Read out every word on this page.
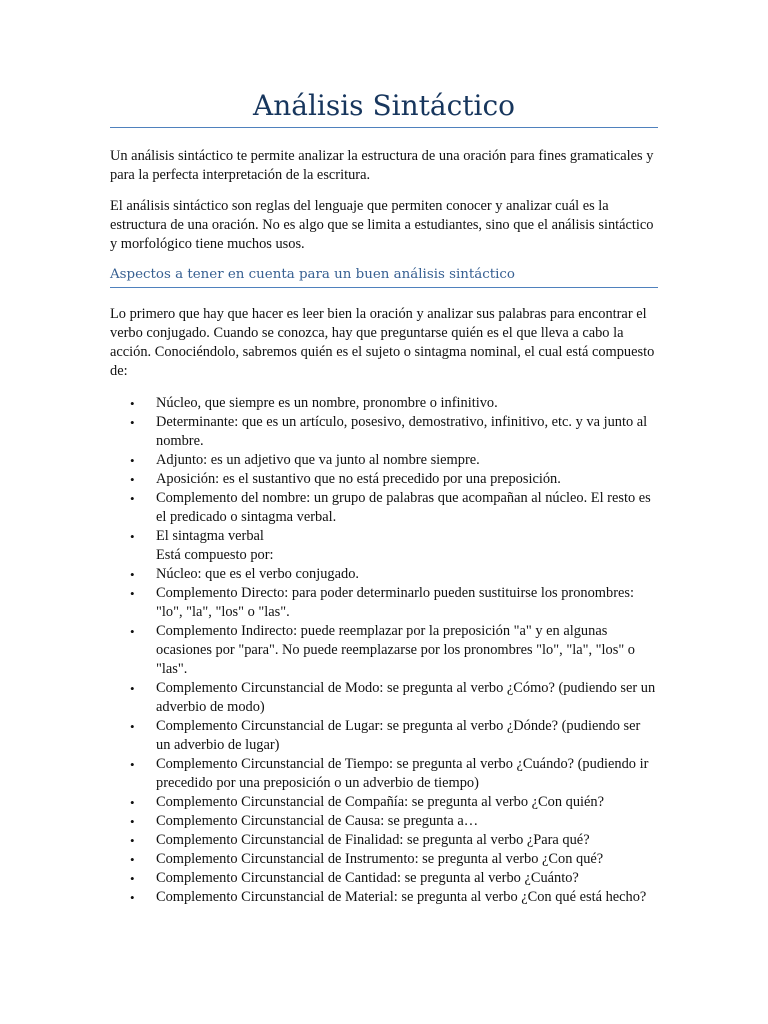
Análisis Sintáctico

Un análisis sintáctico te permite analizar la estructura de una oración para fines gramaticales y para la perfecta interpretación de la escritura.

El análisis sintáctico son reglas del lenguaje que permiten conocer y analizar cuál es la estructura de una oración. No es algo que se limita a estudiantes, sino que el análisis sintáctico y morfológico tiene muchos usos.

Aspectos a tener en cuenta para un buen análisis sintáctico

Lo primero que hay que hacer es leer bien la oración y analizar sus palabras para encontrar el verbo conjugado. Cuando se conozca, hay que preguntarse quién es el que lleva a cabo la acción. Conociéndolo, sabremos quién es el sujeto o sintagma nominal, el cual está compuesto de:

• Núcleo, que siempre es un nombre, pronombre o infinitivo.
• Determinante: que es un artículo, posesivo, demostrativo, infinitivo, etc. y va junto al nombre.
• Adjunto: es un adjetivo que va junto al nombre siempre.
• Aposición: es el sustantivo que no está precedido por una preposición.
• Complemento del nombre: un grupo de palabras que acompañan al núcleo. El resto es el predicado o sintagma verbal.
• El sintagma verbal
Está compuesto por:
• Núcleo: que es el verbo conjugado.
• Complemento Directo: para poder determinarlo pueden sustituirse los pronombres: "lo", "la", "los" o "las".
• Complemento Indirecto: puede reemplazar por la preposición "a" y en algunas ocasiones por "para". No puede reemplazarse por los pronombres "lo", "la", "los" o "las".
• Complemento Circunstancial de Modo: se pregunta al verbo ¿Cómo? (pudiendo ser un adverbio de modo)
• Complemento Circunstancial de Lugar: se pregunta al verbo ¿Dónde? (pudiendo ser un adverbio de lugar)
• Complemento Circunstancial de Tiempo: se pregunta al verbo ¿Cuándo? (pudiendo ir precedido por una preposición o un adverbio de tiempo)
• Complemento Circunstancial de Compañía: se pregunta al verbo ¿Con quién?
• Complemento Circunstancial de Causa: se pregunta a…
• Complemento Circunstancial de Finalidad: se pregunta al verbo ¿Para qué?
• Complemento Circunstancial de Instrumento: se pregunta al verbo ¿Con qué?
• Complemento Circunstancial de Cantidad: se pregunta al verbo ¿Cuánto?
• Complemento Circunstancial de Material: se pregunta al verbo ¿Con qué está hecho?
